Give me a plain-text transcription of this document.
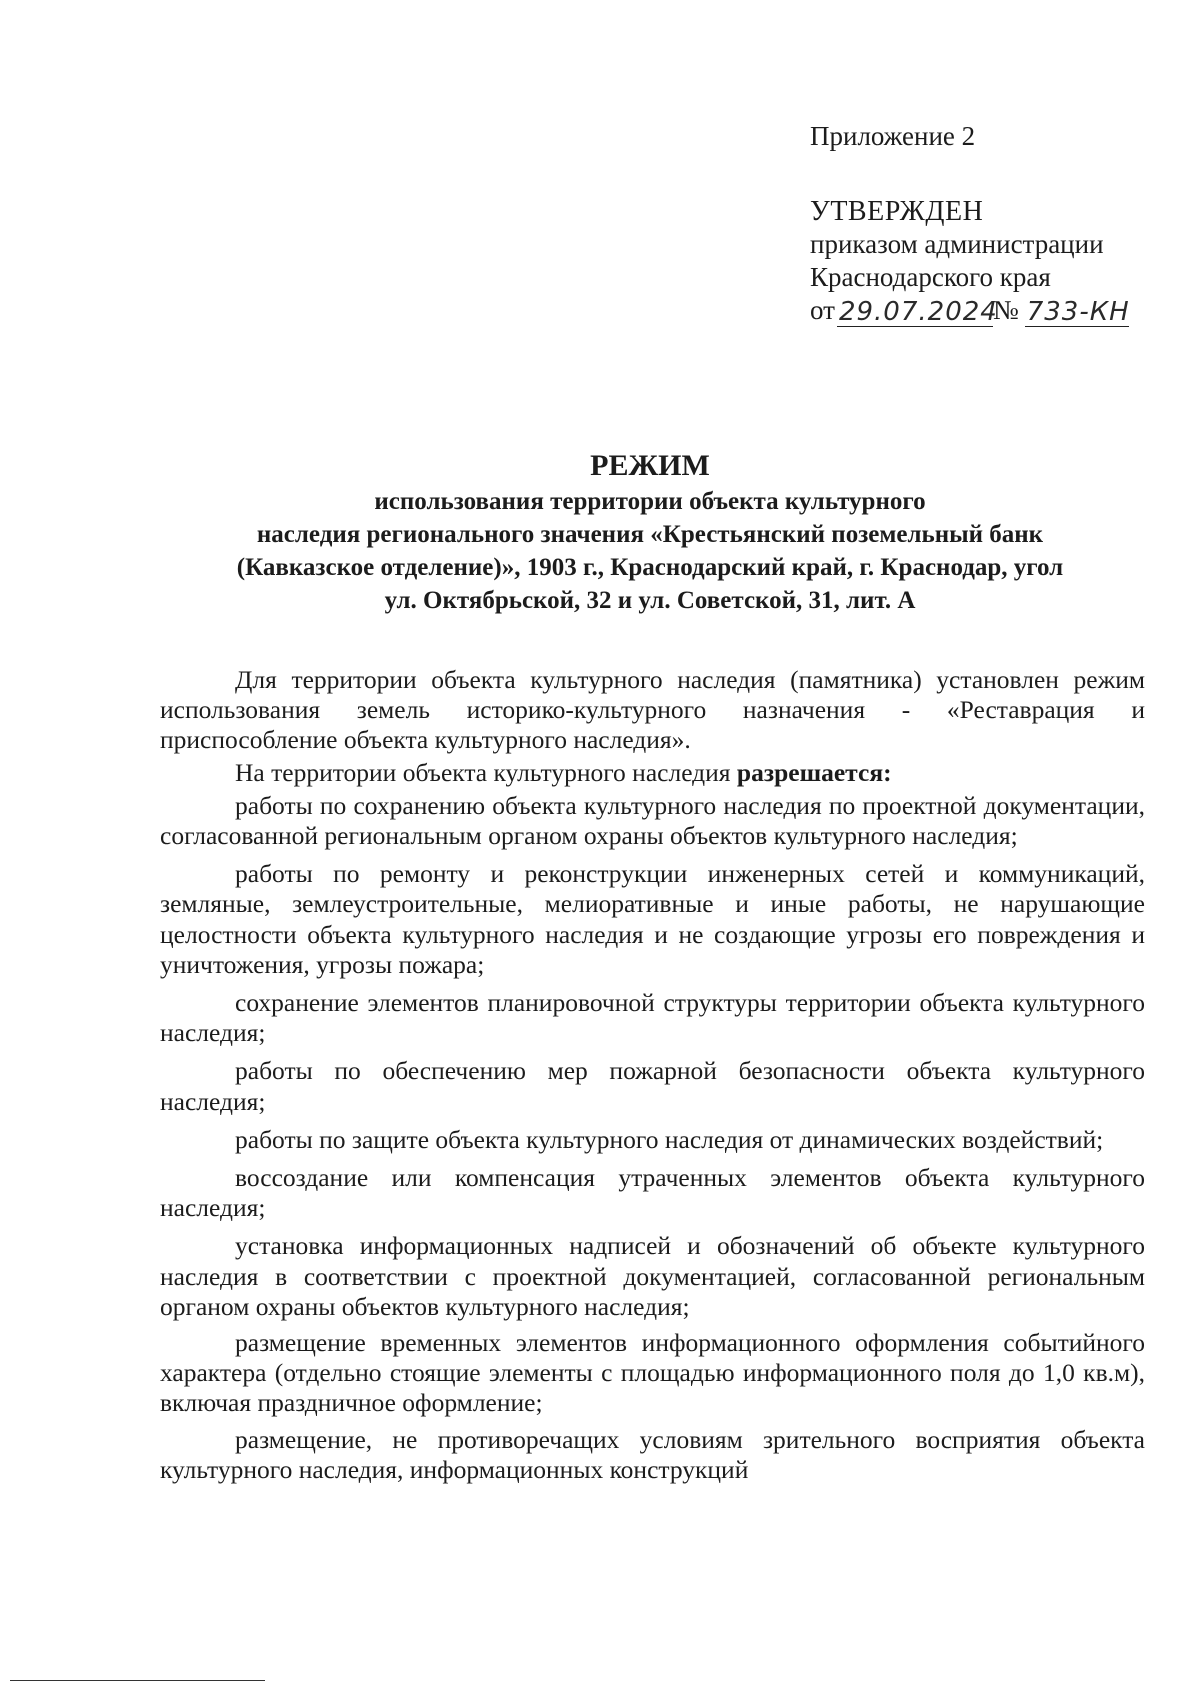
Приложение 2

УТВЕРЖДЕН

приказом администрации

Краснодарского края

от 29.07.2024
№ 733-КН

РЕЖИМ

использования территории объекта культурного

наследия регионального значения «Крестьянский поземельный банк

(Кавказское отделение)», 1903 г., Краснодарский край, г. Краснодар, угол

ул. Октябрьской, 32 и ул. Советской, 31, лит. А

Для территории объекта культурного наследия (памятника) установлен режим использования земель историко-культурного назначения - «Реставрация и приспособление объекта культурного наследия».

На территории объекта культурного наследия разрешается:

работы по сохранению объекта культурного наследия по проектной документации, согласованной региональным органом охраны объектов культурного наследия;

работы по ремонту и реконструкции инженерных сетей и коммуникаций, земляные, землеустроительные, мелиоративные и иные работы, не нарушающие целостности объекта культурного наследия и не создающие угрозы его повреждения и уничтожения, угрозы пожара;

сохранение элементов планировочной структуры территории объекта культурного наследия;

работы по обеспечению мер пожарной безопасности объекта культурного наследия;

работы по защите объекта культурного наследия от динамических воздействий;

воссоздание или компенсация утраченных элементов объекта культурного наследия;

установка информационных надписей и обозначений об объекте культурного наследия в соответствии с проектной документацией, согласованной региональным органом охраны объектов культурного наследия;

размещение временных элементов информационного оформления событийного характера (отдельно стоящие элементы с площадью информационного поля до 1,0 кв.м), включая праздничное оформление;

размещение, не противоречащих условиям зрительного восприятия объекта культурного наследия, информационных конструкций
